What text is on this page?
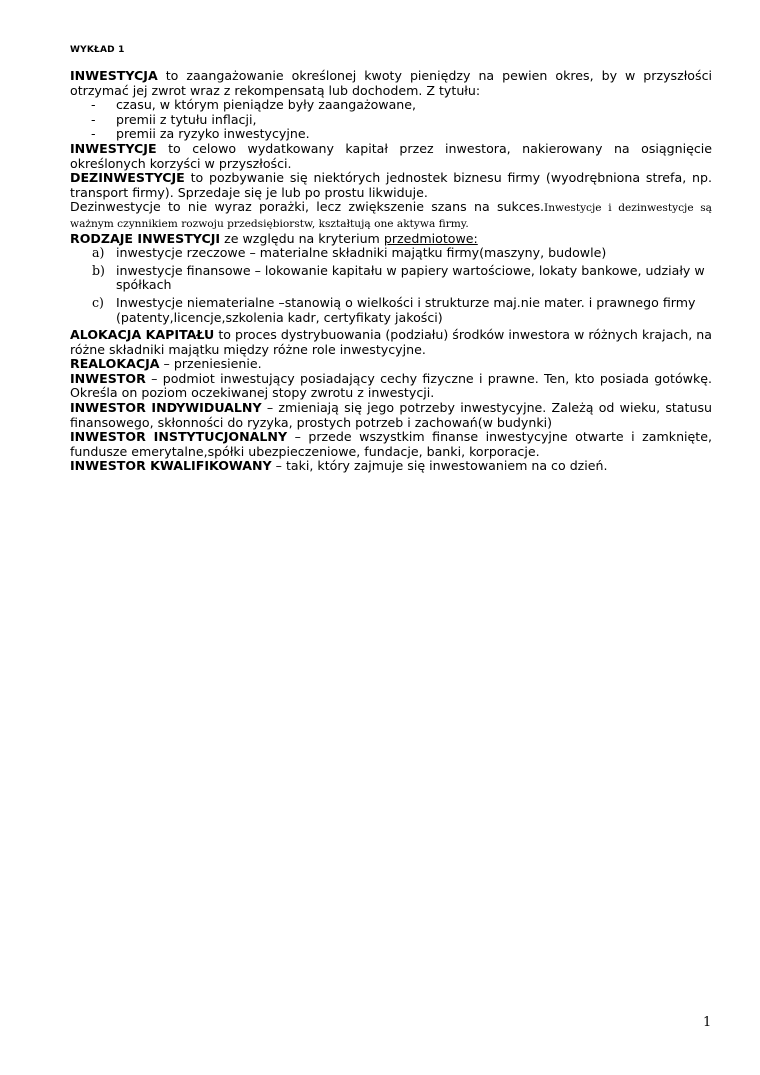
WYKŁAD 1

INWESTYCJA to zaangażowanie określonej kwoty pieniędzy na pewien okres, by w przyszłości otrzymać jej zwrot wraz z rekompensatą lub dochodem. Z tytułu:

- czasu, w którym pieniądze były zaangażowane,
- premii z tytułu inflacji,
- premii za ryzyko inwestycyjne.

INWESTYCJE to celowo wydatkowany kapitał przez inwestora, nakierowany na osiągnięcie określonych korzyści w przyszłości.

DEZINWESTYCJE to pozbywanie się niektórych jednostek biznesu firmy (wyodrębniona strefa, np. transport firmy). Sprzedaje się je lub po prostu likwiduje.

Dezinwestycje to nie wyraz porażki, lecz zwiększenie szans na sukces.Inwestycje i dezinwestycje są ważnym czynnikiem rozwoju przedsiębiorstw, kształtują one aktywa firmy.

RODZAJE INWESTYCJI ze względu na kryterium przedmiotowe:

a) inwestycje rzeczowe – materialne składniki majątku firmy(maszyny, budowle)
b) inwestycje finansowe – lokowanie kapitału w papiery wartościowe, lokaty bankowe, udziały w spółkach
c) Inwestycje niematerialne –stanowią o wielkości i strukturze maj.nie mater. i prawnego firmy (patenty,licencje,szkolenia kadr, certyfikaty jakości)

ALOKACJA KAPITAŁU to proces dystrybuowania (podziału) środków inwestora w różnych krajach, na różne składniki majątku między różne role inwestycyjne.

REALOKACJA – przeniesienie.

INWESTOR – podmiot inwestujący posiadający cechy fizyczne i prawne. Ten, kto posiada gotówkę. Określa on poziom oczekiwanej stopy zwrotu z inwestycji.

INWESTOR INDYWIDUALNY – zmieniają się jego potrzeby inwestycyjne. Zależą od wieku, statusu finansowego, skłonności do ryzyka, prostych potrzeb i zachowań(w budynki)

INWESTOR INSTYTUCJONALNY – przede wszystkim finanse inwestycyjne otwarte i zamknięte, fundusze emerytalne,spółki ubezpieczeniowe, fundacje, banki, korporacje.

INWESTOR KWALIFIKOWANY – taki, który zajmuje się inwestowaniem na co dzień.

1
